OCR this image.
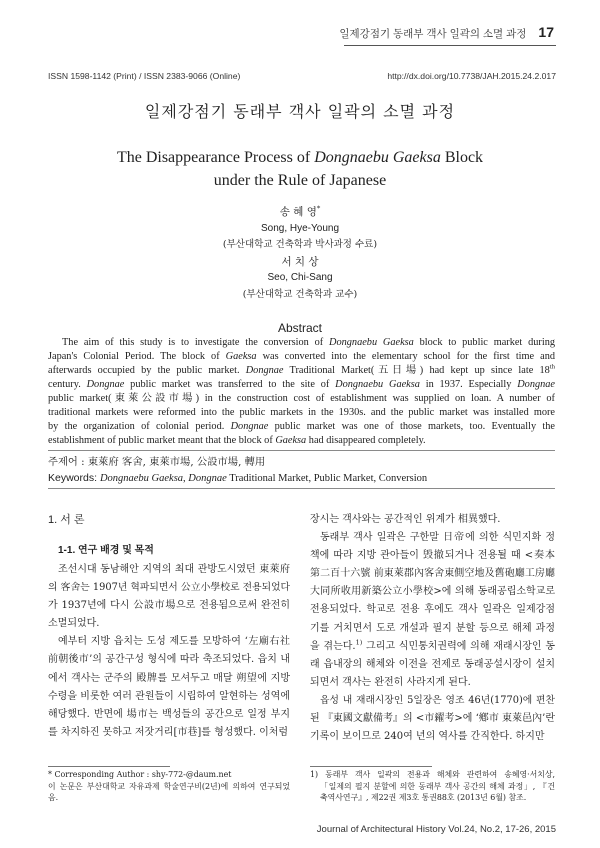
일제강점기 동래부 객사 일곽의 소멸 과정 17
ISSN 1598-1142 (Print) / ISSN 2383-9066 (Online)	http://dx.doi.org/10.7738/JAH.2015.24.2.017
일제강점기 동래부 객사 일곽의 소멸 과정
The Disappearance Process of Dongnaebu Gaeksa Block
under the Rule of Japanese
송 혜 영*
Song, Hye-Young
(부산대학교 건축학과 박사과정 수료)
서 치 상
Seo, Chi-Sang
(부산대학교 건축학과 교수)
Abstract
The aim of this study is to investigate the conversion of Dongnaebu Gaeksa block to public market during
Japan's Colonial Period. The block of Gaeksa was converted into the elementary school for the first time and
afterwards occupied by the public market. Dongnae Traditional Market(五日場) had kept up since late 18th
century. Dongnae public market was transferred to the site of Dongnaebu Gaeksa in 1937. Especially Dongnae
public market(東萊公設市場) in the construction cost of establishment was supplied on loan. A number of
traditional markets were reformed into the public markets in the 1930s. and the public market was installed more
by the organization of colonial period. Dongnae public market was one of those markets, too. Eventually the
establishment of public market meant that the block of Gaeksa had disappeared completely.
주제어 : 東萊府 客舍, 東萊市場, 公設市場, 轉用
Keywords: Dongnaebu Gaeksa, Dongnae Traditional Market, Public Market, Conversion
1. 서 론
1-1. 연구 배경 및 목적
조선시대 동남해안 지역의 최대 관방도시였던 東萊府
의 客舍는 1907년 혁파되면서 公立小學校로 전용되었다
가 1937년에 다시 公設市場으로 전용됨으로써 완전히
소멸되었다.
예부터 지방 읍치는 도성 제도를 모방하여 ‘左廟右社
前朝後市’의 공간구성 형식에 따라 축조되었다. 읍치 내
에서 객사는 군주의 殿牌를 모셔두고 매달 朔望에 지방
수령을 비롯한 여러 관원들이 시립하여 알현하는 성역에
해당했다. 반면에 場市는 백성들의 공간으로 일정 부지
를 차지하진 못하고 저잣거리[市巷]를 형성했다. 이처럼
장시는 객사와는 공간적인 위계가 相異했다.
동래부 객사 일곽은 구한말 日帝에 의한 식민지화 정
책에 따라 지방 관아들이 毁撤되거나 전용될 때 <奏本
第二百十六號 前東萊郡內客舍東側空地及舊砲廳工房廳
大同所收用新築公立小學校>에 의해 동래공립소학교로
전용되었다. 학교로 전용 후에도 객사 일곽은 일제강점
기를 거치면서 도로 개설과 필지 분할 등으로 해체 과정
을 겪는다.$^{1)}$ 그리고 식민통치권력에 의해 재래시장인 동
래 읍내장의 해체와 이전을 전제로 동래공설시장이 설치
되면서 객사는 완전히 사라지게 된다.
읍성 내 재래시장인 5일장은 영조 46년(1770)에 편찬
된 『東國文獻備考』의 <市糴考>에 ‘鄕市 東萊邑內’란
기록이 보이므로 240여 년의 역사를 간직한다. 하지만
* Corresponding Author : shy-772-@daum.net
이 논문은 부산대학교 자유과제 학술연구비(2년)에 의하여 연구되었
음.
1) 동래부 객사 일곽의 전용과 해체와 관련하여 송혜영·서치상,
「일제의 필지 분할에 의한 동래부 객사 공간의 해체 과정」, 『건
축역사연구』, 제22권 제3호 통권88호 (2013년 6월) 참조.
Journal of Architectural History Vol.24, No.2, 17-26, 2015
